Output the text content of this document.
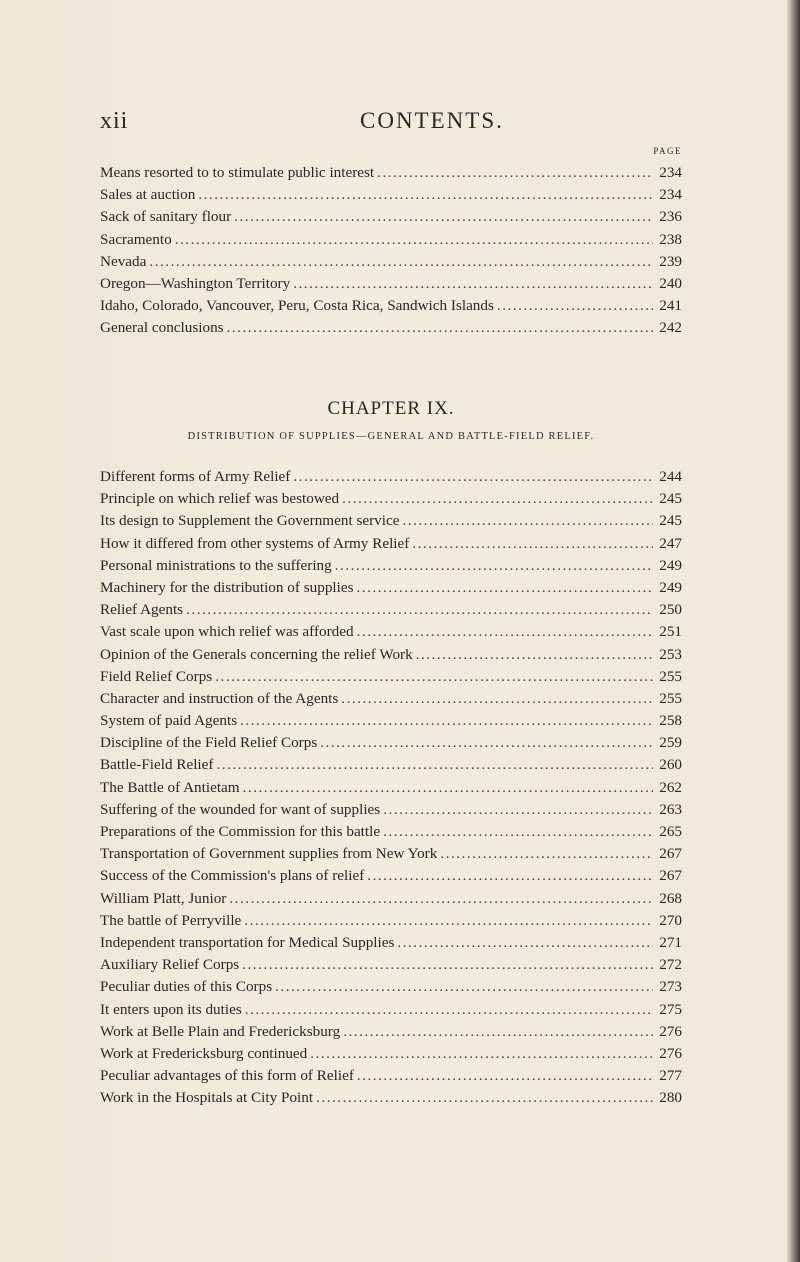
xii	CONTENTS.
PAGE
Means resorted to to stimulate public interest .....	234
Sales at auction .....	234
Sack of sanitary flour .....	236
Sacramento .....	238
Nevada .....	239
Oregon—Washington Territory .....	240
Idaho, Colorado, Vancouver, Peru, Costa Rica, Sandwich Islands .....	241
General conclusions .....	242
CHAPTER IX.
DISTRIBUTION OF SUPPLIES—GENERAL AND BATTLE-FIELD RELIEF.
Different forms of Army Relief .....	244
Principle on which relief was bestowed .....	245
Its design to Supplement the Government service .....	245
How it differed from other systems of Army Relief .....	247
Personal ministrations to the suffering .....	249
Machinery for the distribution of supplies .....	249
Relief Agents .....	250
Vast scale upon which relief was afforded .....	251
Opinion of the Generals concerning the relief Work .....	253
Field Relief Corps .....	255
Character and instruction of the Agents .....	255
System of paid Agents .....	258
Discipline of the Field Relief Corps .....	259
Battle-Field Relief .....	260
The Battle of Antietam .....	262
Suffering of the wounded for want of supplies .....	263
Preparations of the Commission for this battle .....	265
Transportation of Government supplies from New York .....	267
Success of the Commission's plans of relief .....	267
William Platt, Junior .....	268
The battle of Perryville .....	270
Independent transportation for Medical Supplies .....	271
Auxiliary Relief Corps .....	272
Peculiar duties of this Corps .....	273
It enters upon its duties .....	275
Work at Belle Plain and Fredericksburg .....	276
Work at Fredericksburg continued .....	276
Peculiar advantages of this form of Relief .....	277
Work in the Hospitals at City Point .....	280
